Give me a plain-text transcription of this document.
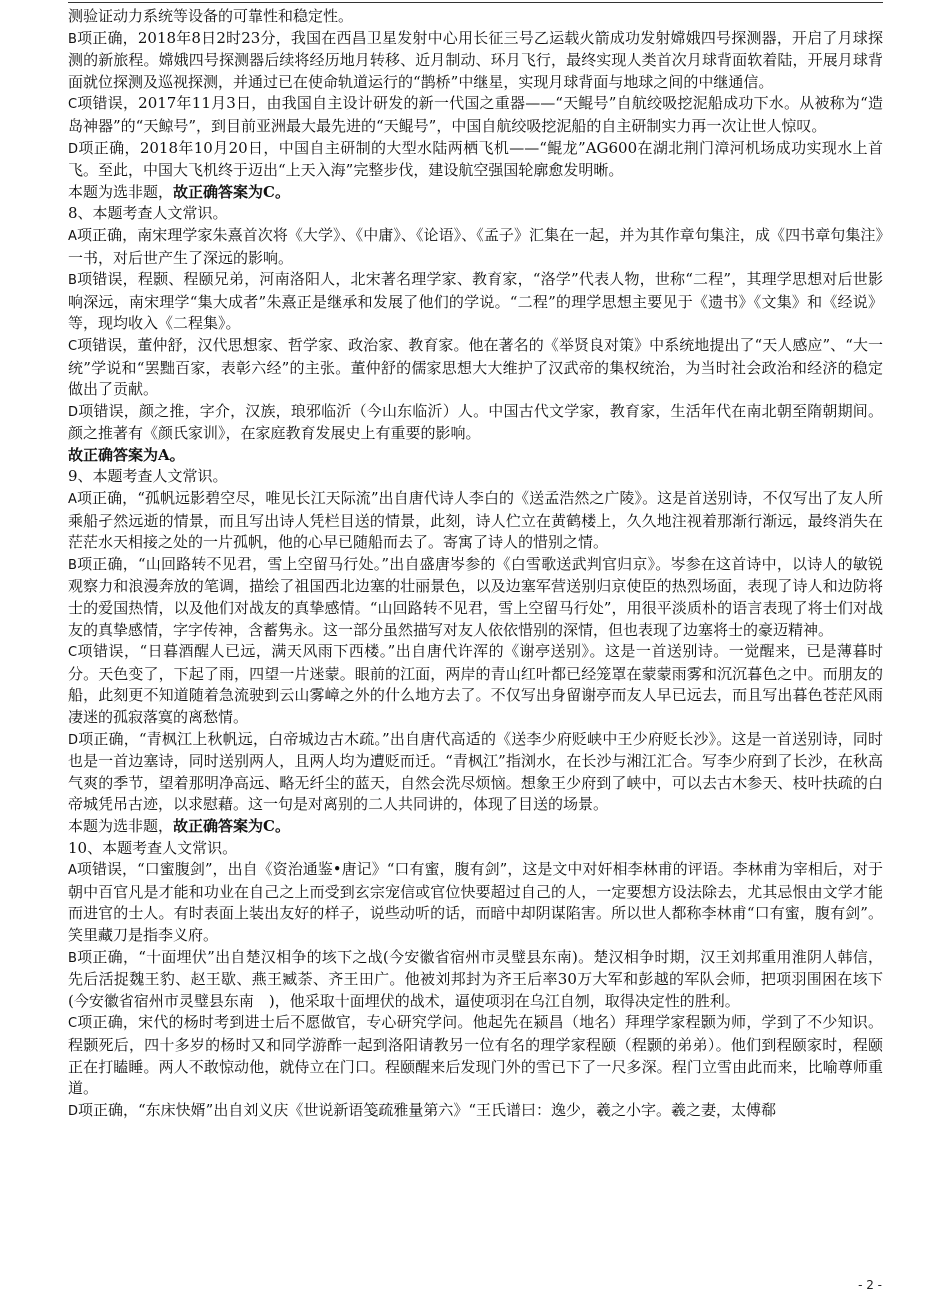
测验证动力系统等设备的可靠性和稳定性。

B项正确，2018年8日2时23分，我国在西昌卫星发射中心用长征三号乙运载火箭成功发射嫦娥四号探测器，开启了月球探测的新旅程。嫦娥四号探测器后续将经历地月转移、近月制动、环月飞行，最终实现人类首次月球背面软着陆，开展月球背面就位探测及巡视探测，并通过已在使命轨道运行的“鹊桥”中继星，实现月球背面与地球之间的中继通信。

C项错误，2017年11月3日，由我国自主设计研发的新一代国之重器——“天鲲号”自航绞吸挖泥船成功下水。从被称为“造岛神器”的“天鲸号”，到目前亚洲最大最先进的“天鲲号”，中国自航绞吸挖泥船的自主研制实力再一次让世人惊叹。

D项正确，2018年10月20日，中国自主研制的大型水陆两栖飞机——“鲲龙”AG600在湖北荆门漳河机场成功实现水上首飞。至此，中国大飞机终于迈出“上天入海”完整步伐，建设航空强国轮廓愈发明晰。

本题为选非题，故正确答案为C。

8、本题考查人文常识。

A项正确，南宋理学家朱熹首次将《大学》、《中庸》、《论语》、《孟子》汇集在一起，并为其作章句集注，成《四书章句集注》一书，对后世产生了深远的影响。

B项错误，程颢、程颐兄弟，河南洛阳人，北宋著名理学家、教育家，“洛学”代表人物，世称“二程”，其理学思想对后世影响深远，南宋理学“集大成者”朱熹正是继承和发展了他们的学说。“二程”的理学思想主要见于《遗书》《文集》和《经说》等，现均收入《二程集》。

C项错误，董仲舒，汉代思想家、哲学家、政治家、教育家。他在著名的《举贤良对策》中系统地提出了“天人感应”、“大一统”学说和“罢黜百家，表彰六经”的主张。董仲舒的儒家思想大大维护了汉武帝的集权统治，为当时社会政治和经济的稳定做出了贡献。

D项错误，颜之推，字介，汉族，琅邪临沂（今山东临沂）人。中国古代文学家，教育家，生活年代在南北朝至隋朝期间。颜之推著有《颜氏家训》，在家庭教育发展史上有重要的影响。

故正确答案为A。

9、本题考查人文常识。

A项正确，“孤帆远影碧空尽，唯见长江天际流”出自唐代诗人李白的《送孟浩然之广陵》。这是首送别诗，不仅写出了友人所乘船孑然远逝的情景，而且写出诗人凭栏目送的情景，此刻，诗人伫立在黄鹤楼上，久久地注视着那渐行渐远，最终消失在茫茫水天相接之处的一片孤帆，他的心早已随船而去了。寄寓了诗人的惜别之情。

B项正确，“山回路转不见君，雪上空留马行处。”出自盛唐岑参的《白雪歌送武判官归京》。岑参在这首诗中，以诗人的敏锐观察力和浪漫奔放的笔调，描绘了祖国西北边塞的壮丽景色，以及边塞军营送别归京使臣的热烈场面，表现了诗人和边防将士的爱国热情，以及他们对战友的真挚感情。“山回路转不见君，雪上空留马行处”，用很平淡质朴的语言表现了将士们对战友的真挚感情，字字传神，含蓄隽永。这一部分虽然描写对友人依依惜别的深情，但也表现了边塞将士的豪迈精神。

C项错误，“日暮酒醒人已远，满天风雨下西楼。”出自唐代许浑的《谢亭送别》。这是一首送别诗。一觉醒来，已是薄暮时分。天色变了，下起了雨，四望一片迷蒙。眼前的江面，两岸的青山红叶都已经笼罩在蒙蒙雨雾和沉沉暮色之中。而朋友的船，此刻更不知道随着急流驶到云山雾嶂之外的什么地方去了。不仅写出身留谢亭而友人早已远去，而且写出暮色苍茫风雨凄迷的孤寂落寞的离愁情。

D项正确，“青枫江上秋帆远，白帝城边古木疏。”出自唐代高适的《送李少府贬峡中王少府贬长沙》。这是一首送别诗，同时也是一首边塞诗，同时送别两人，且两人均为遭贬而迁。“青枫江”指浏水，在长沙与湘江汇合。写李少府到了长沙，在秋高气爽的季节，望着那明净高远、略无纤尘的蓝天，自然会洗尽烦恼。想象王少府到了峡中，可以去古木参天、枝叶扶疏的白帝城凭吊古迹，以求慰藉。这一句是对离别的二人共同讲的，体现了目送的场景。

本题为选非题，故正确答案为C。

10、本题考查人文常识。

A项错误，“口蜜腹剑”，出自《资治通鉴•唐记》“口有蜜，腹有剑”，这是文中对奸相李林甫的评语。李林甫为宰相后，对于朝中百官凡是才能和功业在自己之上而受到玄宗宠信或官位快要超过自己的人，一定要想方设法除去，尤其忌恨由文学才能而进官的士人。有时表面上装出友好的样子，说些动听的话，而暗中却阴谋陷害。所以世人都称李林甫“口有蜜，腹有剑”。笑里藏刀是指李义府。

B项正确，“十面埋伏”出自楚汉相争的垓下之战(今安徽省宿州市灵璧县东南)。楚汉相争时期，汉王刘邦重用淮阴人韩信，先后活捉魏王豹、赵王歇、燕王臧荼、齐王田广。他被刘邦封为齐王后率30万大军和彭越的军队会师，把项羽围困在垓下(今安徽省宿州市灵璧县东南　)，他采取十面埋伏的战术，逼使项羽在乌江自刎，取得决定性的胜利。

C项正确，宋代的杨时考到进士后不愿做官，专心研究学问。他起先在颍昌（地名）拜理学家程颢为师，学到了不少知识。程颢死后，四十多岁的杨时又和同学游酢一起到洛阳请教另一位有名的理学家程颐（程颢的弟弟）。他们到程颐家时，程颐正在打瞌睡。两人不敢惊动他，就侍立在门口。程颐醒来后发现门外的雪已下了一尺多深。程门立雪由此而来，比喻尊师重道。

D项正确，“东床快婿”出自刘义庆《世说新语笺疏雅量第六》“王氏谱曰：逸少，羲之小字。羲之妻，太傅郗

- 2 -
